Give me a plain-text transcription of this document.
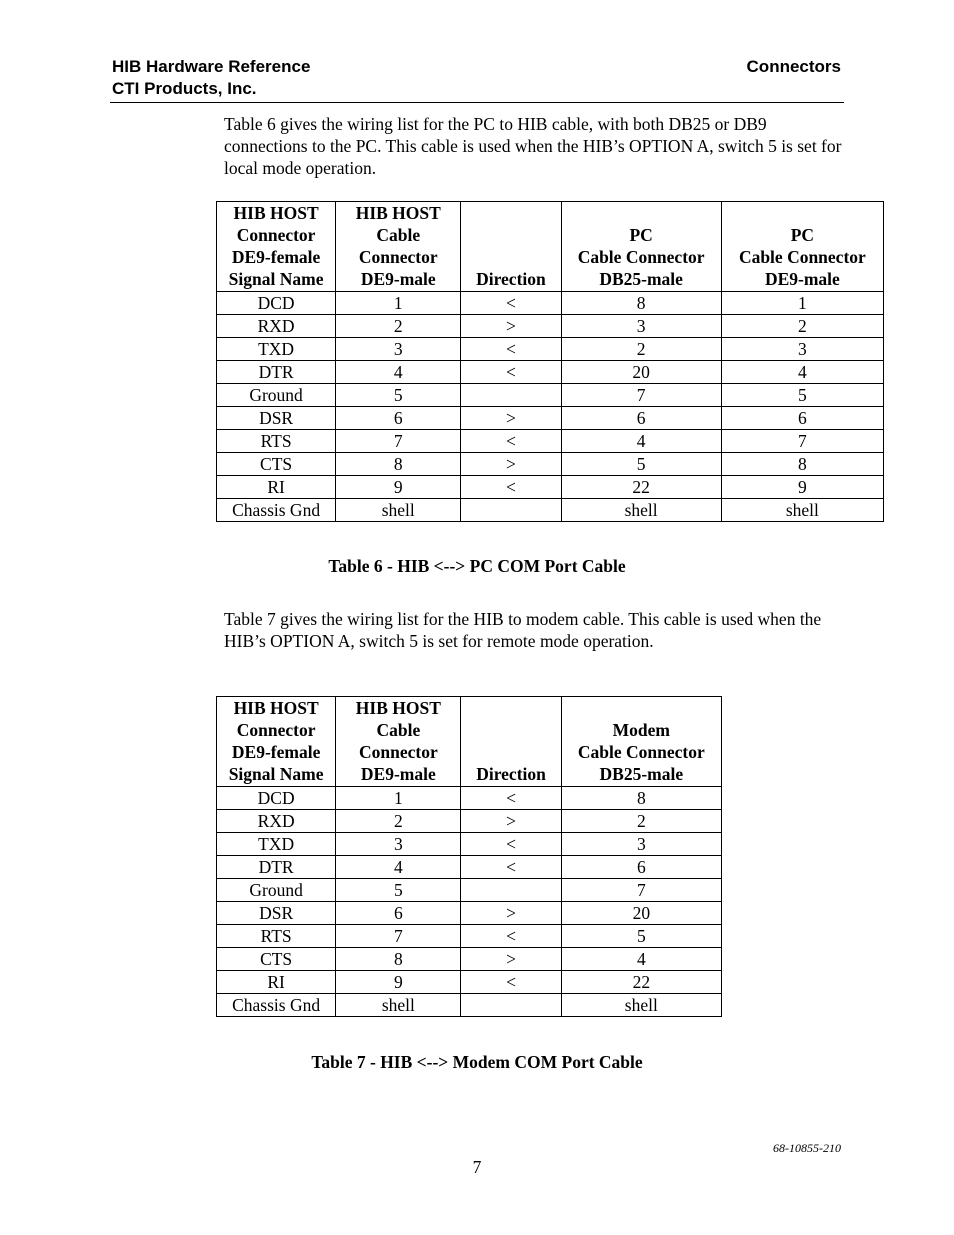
HIB Hardware Reference
CTI Products, Inc.
Connectors

Table 6 gives the wiring list for the PC to HIB cable, with both DB25 or DB9 connections to the PC. This cable is used when the HIB’s OPTION A, switch 5 is set for local mode operation.

HIB HOST
Connector
DE9-female
Signal Name	HIB HOST
Cable
Connector
DE9-male	Direction	PC
Cable Connector
DB25-male	PC
Cable Connector
DE9-male

DCD	1	<	8	1
RXD	2	>	3	2
TXD	3	<	2	3
DTR	4	<	20	4
Ground	5		7	5
DSR	6	>	6	6
RTS	7	<	4	7
CTS	8	>	5	8
RI	9	<	22	9
Chassis Gnd	shell		shell	shell
Table 6 - HIB <--> PC COM Port Cable

Table 7 gives the wiring list for the HIB to modem cable. This cable is used when the HIB’s OPTION A, switch 5 is set for remote mode operation.

HIB HOST
Connector
DE9-female
Signal Name	HIB HOST
Cable
Connector
DE9-male	Direction	Modem
Cable Connector
DB25-male

DCD	1	<	8
RXD	2	>	2
TXD	3	<	3
DTR	4	<	6
Ground	5		7
DSR	6	>	20
RTS	7	<	5
CTS	8	>	4
RI	9	<	22
Chassis Gnd	shell		shell
Table 7 - HIB <--> Modem COM Port Cable
68-10855-210
7
